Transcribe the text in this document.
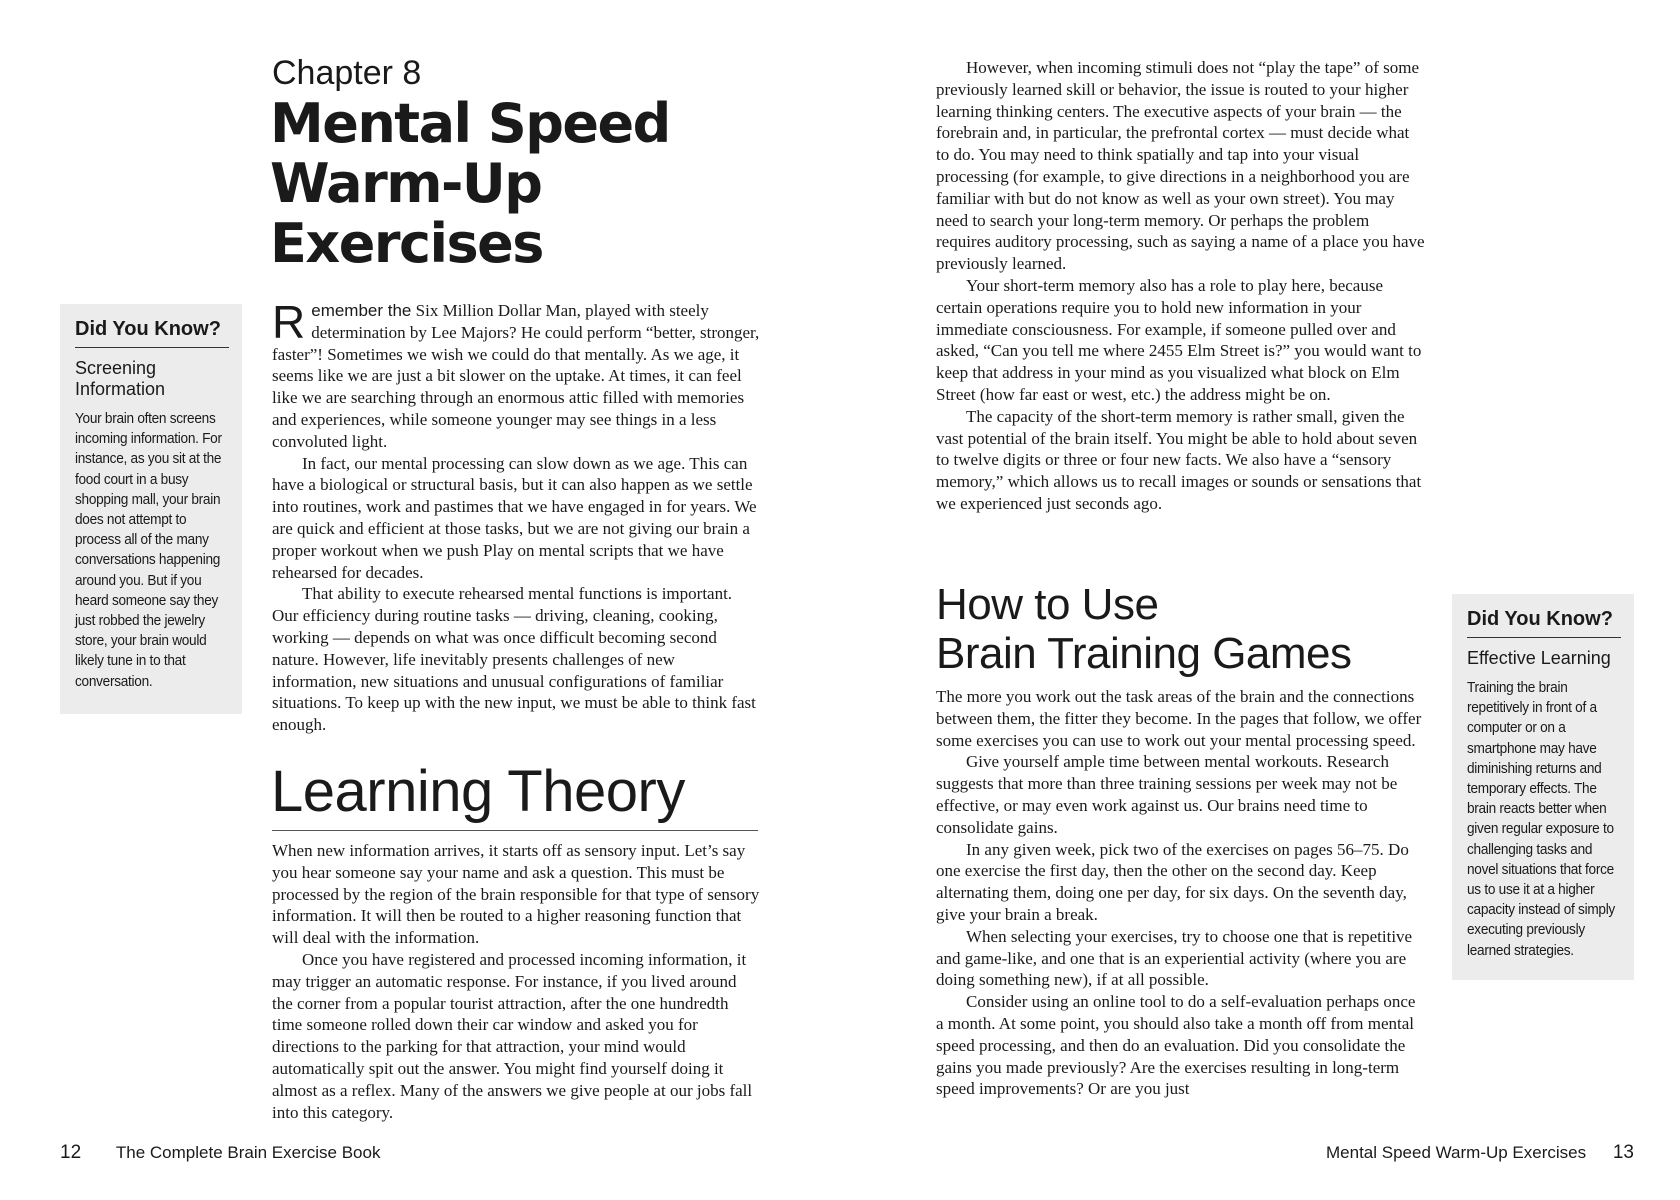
Did You Know?
Screening Information
Your brain often screens incoming information. For instance, as you sit at the food court in a busy shopping mall, your brain does not attempt to process all of the many conversations happening around you. But if you heard someone say they just robbed the jewelry store, your brain would likely tune in to that conversation.
Chapter 8
Mental Speed Warm-Up Exercises

Remember the Six Million Dollar Man, played with steely determination by Lee Majors? He could perform “better, stronger, faster”! Sometimes we wish we could do that mentally. As we age, it seems like we are just a bit slower on the uptake. At times, it can feel like we are searching through an enormous attic filled with memories and experiences, while someone younger may see things in a less convoluted light.

In fact, our mental processing can slow down as we age. This can have a biological or structural basis, but it can also happen as we settle into routines, work and pastimes that we have engaged in for years. We are quick and efficient at those tasks, but we are not giving our brain a proper workout when we push Play on mental scripts that we have rehearsed for decades.

That ability to execute rehearsed mental functions is important. Our efficiency during routine tasks — driving, cleaning, cooking, working — depends on what was once difficult becoming second nature. However, life inevitably presents challenges of new information, new situations and unusual configurations of familiar situations. To keep up with the new input, we must be able to think fast enough.

Learning Theory

When new information arrives, it starts off as sensory input. Let’s say you hear someone say your name and ask a question. This must be processed by the region of the brain responsible for that type of sensory information. It will then be routed to a higher reasoning function that will deal with the information.

Once you have registered and processed incoming information, it may trigger an automatic response. For instance, if you lived around the corner from a popular tourist attraction, after the one hundredth time someone rolled down their car window and asked you for directions to the parking for that attraction, your mind would automatically spit out the answer. You might find yourself doing it almost as a reflex. Many of the answers we give people at our jobs fall into this category.

12 The Complete Brain Exercise Book

However, when incoming stimuli does not “play the tape” of some previously learned skill or behavior, the issue is routed to your higher learning thinking centers. The executive aspects of your brain — the forebrain and, in particular, the prefrontal cortex — must decide what to do. You may need to think spatially and tap into your visual processing (for example, to give directions in a neighborhood you are familiar with but do not know as well as your own street). You may need to search your long-term memory. Or perhaps the problem requires auditory processing, such as saying a name of a place you have previously learned.

Your short-term memory also has a role to play here, because certain operations require you to hold new information in your immediate consciousness. For example, if someone pulled over and asked, “Can you tell me where 2455 Elm Street is?” you would want to keep that address in your mind as you visualized what block on Elm Street (how far east or west, etc.) the address might be on.

The capacity of the short-term memory is rather small, given the vast potential of the brain itself. You might be able to hold about seven to twelve digits or three or four new facts. We also have a “sensory memory,” which allows us to recall images or sounds or sensations that we experienced just seconds ago.

How to Use
Brain Training Games

The more you work out the task areas of the brain and the connections between them, the fitter they become. In the pages that follow, we offer some exercises you can use to work out your mental processing speed.

Give yourself ample time between mental workouts. Research suggests that more than three training sessions per week may not be effective, or may even work against us. Our brains need time to consolidate gains.

In any given week, pick two of the exercises on pages 56–75. Do one exercise the first day, then the other on the second day. Keep alternating them, doing one per day, for six days. On the seventh day, give your brain a break.

When selecting your exercises, try to choose one that is repetitive and game-like, and one that is an experiential activity (where you are doing something new), if at all possible.

Consider using an online tool to do a self-evaluation perhaps once a month. At some point, you should also take a month off from mental speed processing, and then do an evaluation. Did you consolidate the gains you made previously? Are the exercises resulting in long-term speed improvements? Or are you just

Did You Know?
Effective Learning
Training the brain repetitively in front of a computer or on a smartphone may have diminishing returns and temporary effects. The brain reacts better when given regular exposure to challenging tasks and novel situations that force us to use it at a higher capacity instead of simply executing previously learned strategies.
Mental Speed Warm-Up Exercises 13
